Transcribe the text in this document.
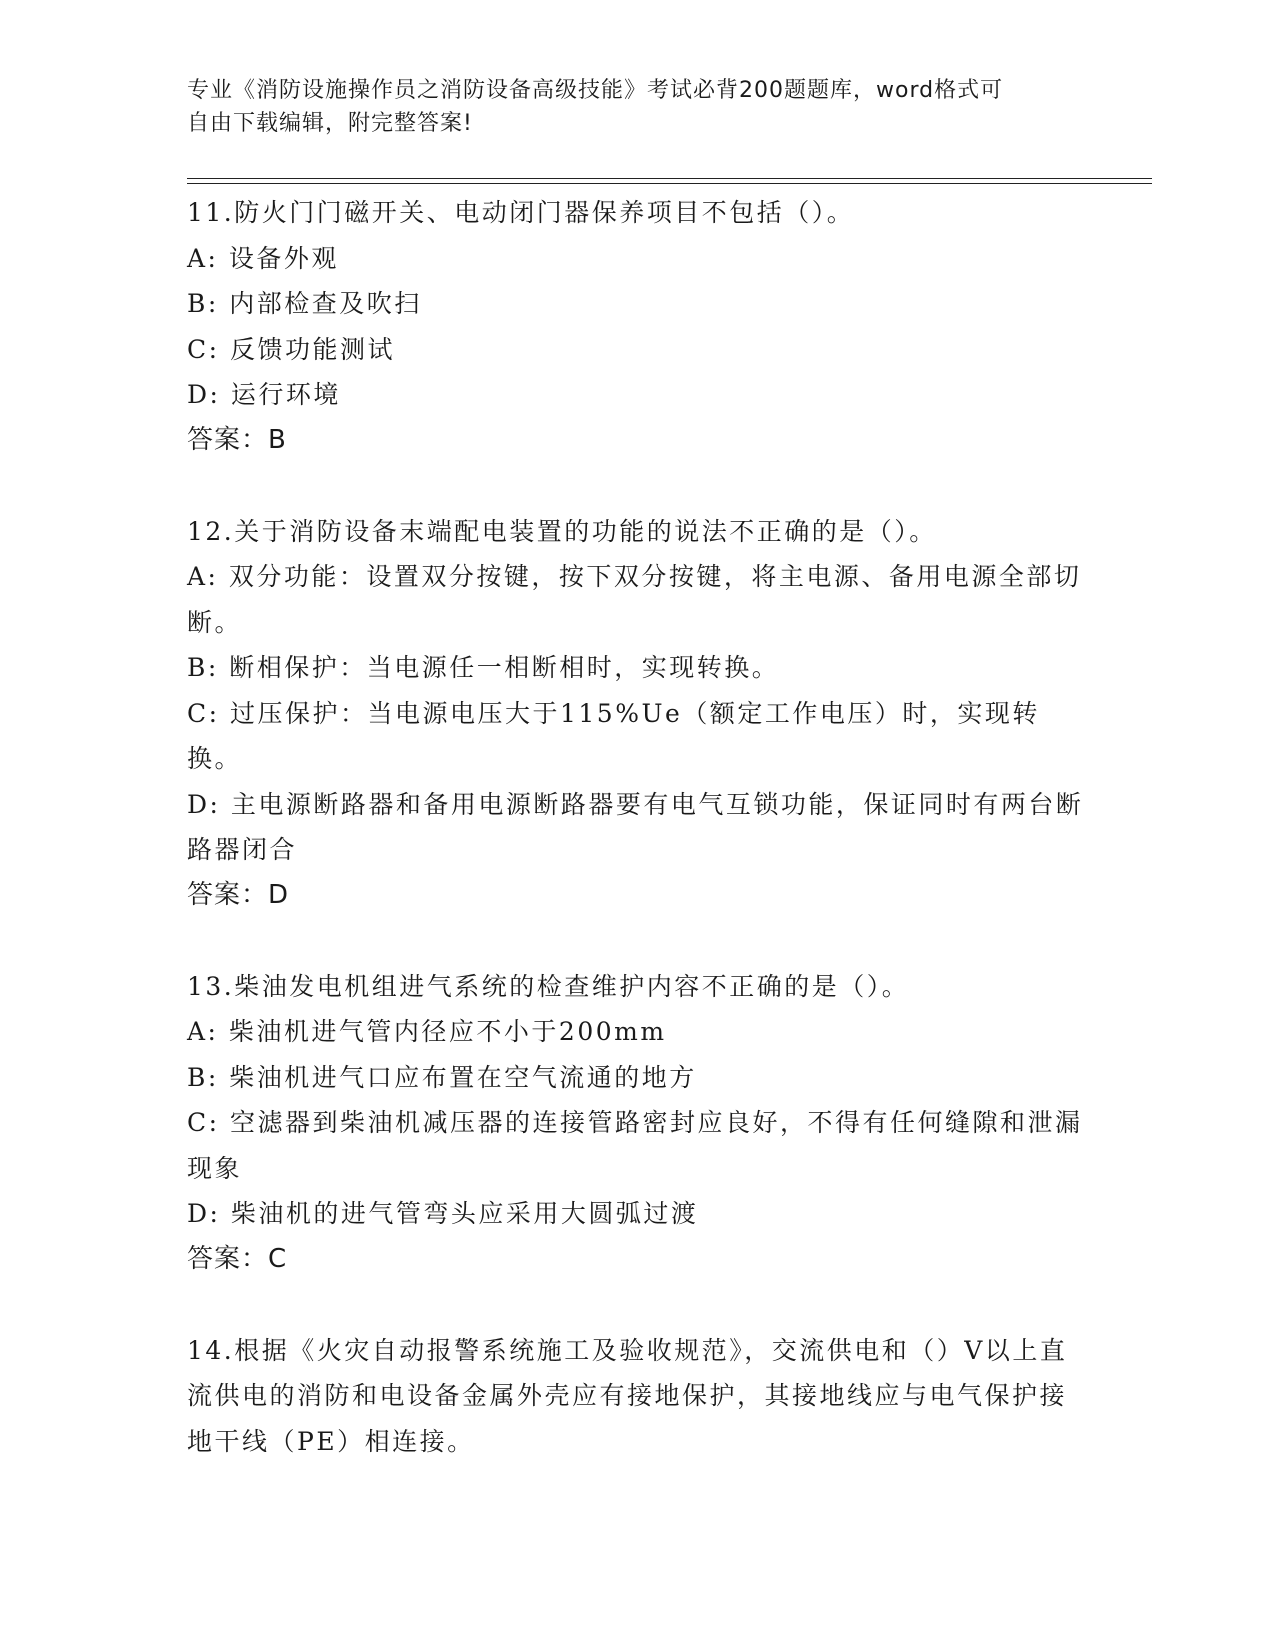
专业《消防设施操作员之消防设备高级技能》考试必背200题题库，word格式可
自由下载编辑，附完整答案!

11.防火门门磁开关、电动闭门器保养项目不包括（）。

A: 设备外观

B: 内部检查及吹扫

C: 反馈功能测试

D: 运行环境

答案：B

12.关于消防设备末端配电装置的功能的说法不正确的是（）。

A: 双分功能：设置双分按键，按下双分按键，将主电源、备用电源全部切断。

B: 断相保护：当电源任一相断相时，实现转换。

C: 过压保护：当电源电压大于115%Ue（额定工作电压）时，实现转换。

D: 主电源断路器和备用电源断路器要有电气互锁功能，保证同时有两台断路器闭合

答案：D

13.柴油发电机组进气系统的检查维护内容不正确的是（）。

A: 柴油机进气管内径应不小于200mm

B: 柴油机进气口应布置在空气流通的地方

C: 空滤器到柴油机减压器的连接管路密封应良好，不得有任何缝隙和泄漏现象

D: 柴油机的进气管弯头应采用大圆弧过渡

答案：C

14.根据《火灾自动报警系统施工及验收规范》，交流供电和（）V以上直流供电的消防和电设备金属外壳应有接地保护，其接地线应与电气保护接地干线（PE）相连接。
